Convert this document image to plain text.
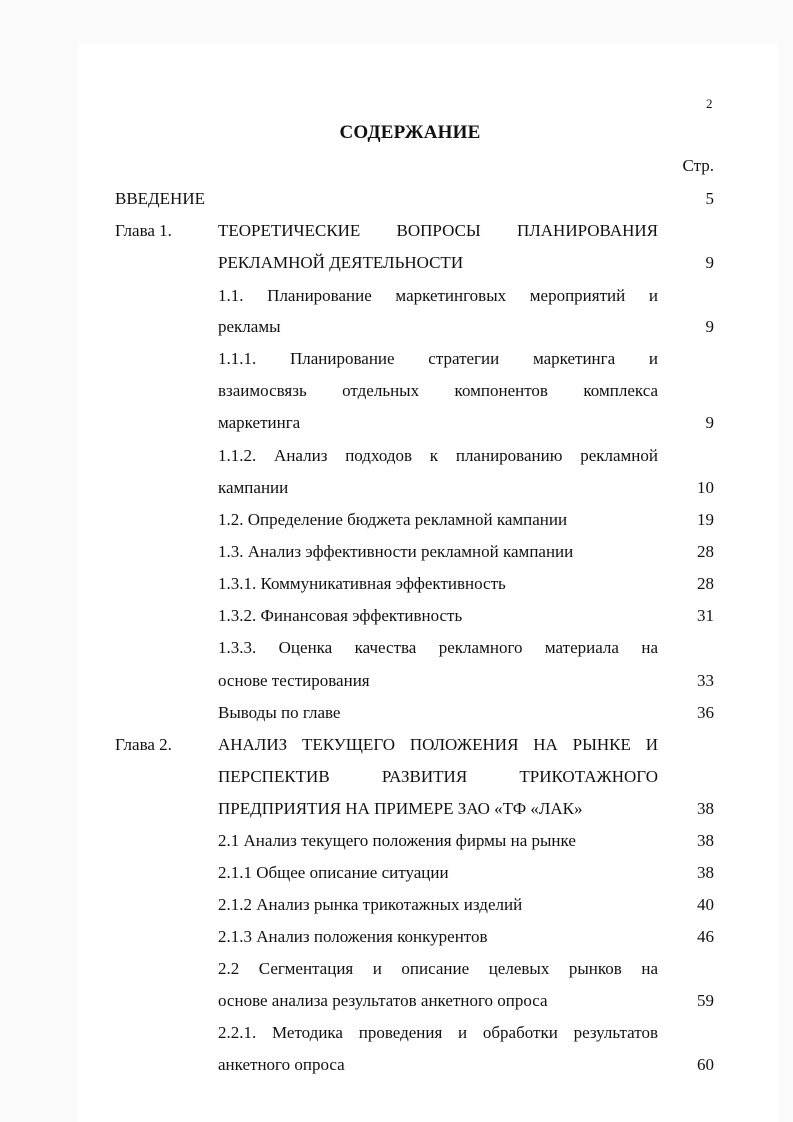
2
СОДЕРЖАНИЕ
Стр.
ВВЕДЕНИЕ	5
Глава 1.	ТЕОРЕТИЧЕСКИЕ ВОПРОСЫ ПЛАНИРОВАНИЯ
РЕКЛАМНОЙ ДЕЯТЕЛЬНОСТИ	9
1.1. Планирование маркетинговых мероприятий и
рекламы	9
1.1.1. Планирование стратегии маркетинга и
взаимосвязь отдельных компонентов комплекса
маркетинга	9
1.1.2. Анализ подходов к планированию рекламной
кампании	10
1.2. Определение бюджета рекламной кампании	19
1.3. Анализ эффективности рекламной кампании	28
1.3.1. Коммуникативная эффективность	28
1.3.2. Финансовая эффективность	31
1.3.3. Оценка качества рекламного материала на
основе тестирования	33
Выводы по главе	36
Глава 2.	АНАЛИЗ ТЕКУЩЕГО ПОЛОЖЕНИЯ НА РЫНКЕ И
ПЕРСПЕКТИВ РАЗВИТИЯ ТРИКОТАЖНОГО
ПРЕДПРИЯТИЯ НА ПРИМЕРЕ ЗАО «ТФ «ЛАК»	38
2.1 Анализ текущего положения фирмы на рынке	38
2.1.1 Общее описание ситуации	38
2.1.2 Анализ рынка трикотажных изделий	40
2.1.3 Анализ положения конкурентов	46
2.2 Сегментация и описание целевых рынков на
основе анализа результатов анкетного опроса	59
2.2.1. Методика проведения и обработки результатов
анкетного опроса	60
